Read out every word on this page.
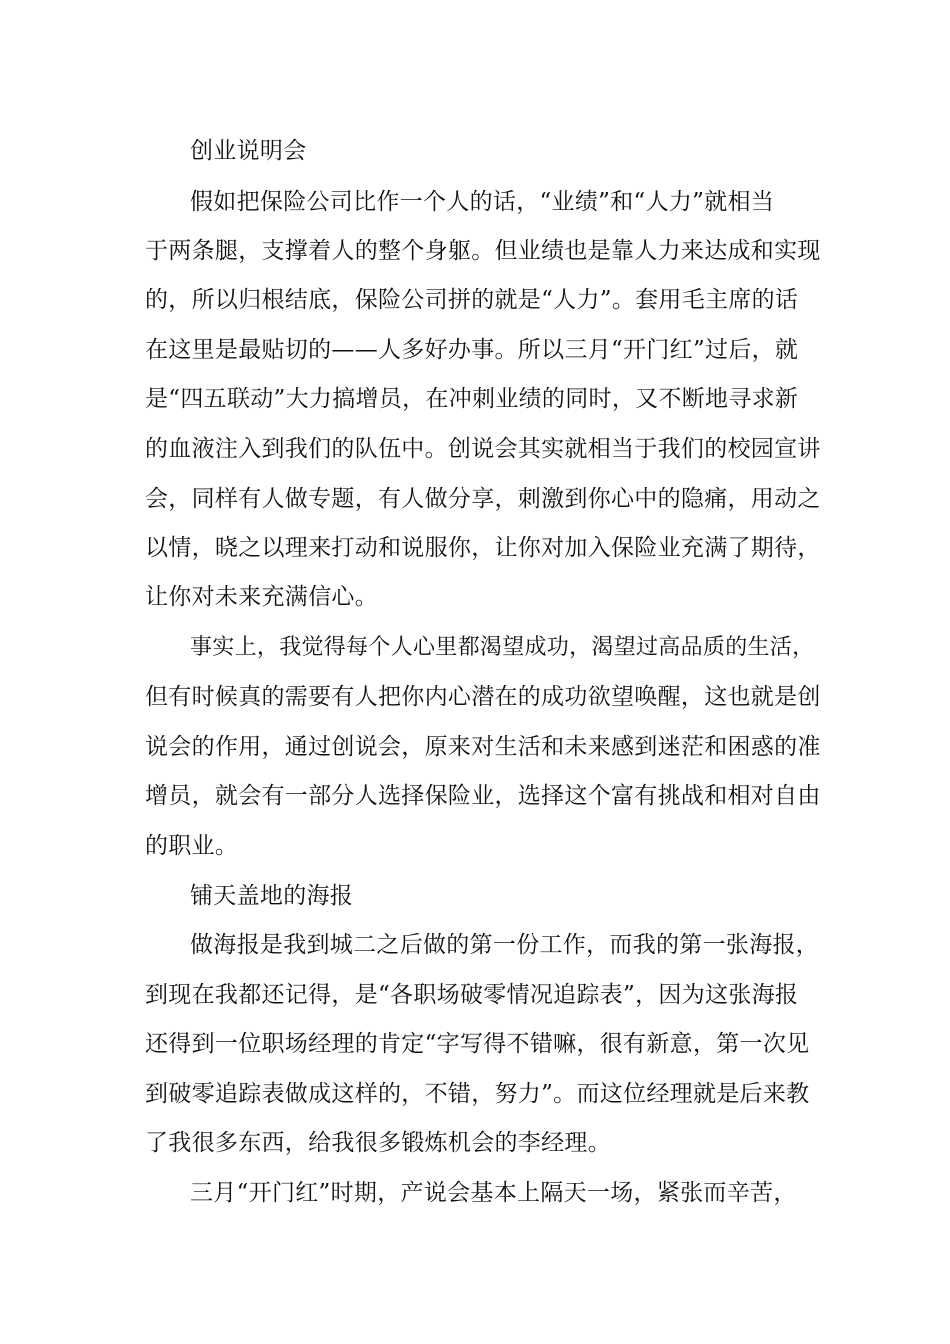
创业说明会

假如把保险公司比作一个人的话，“业绩”和“人力”就相当

于两条腿，支撑着人的整个身躯。但业绩也是靠人力来达成和实现

的，所以归根结底，保险公司拼的就是“人力”。套用毛主席的话

在这里是最贴切的——人多好办事。所以三月“开门红”过后，就

是“四五联动”大力搞增员，在冲刺业绩的同时，又不断地寻求新

的血液注入到我们的队伍中。创说会其实就相当于我们的校园宣讲

会，同样有人做专题，有人做分享，刺激到你心中的隐痛，用动之

以情，晓之以理来打动和说服你，让你对加入保险业充满了期待，

让你对未来充满信心。

事实上，我觉得每个人心里都渴望成功，渴望过高品质的生活，

但有时候真的需要有人把你内心潜在的成功欲望唤醒，这也就是创

说会的作用，通过创说会，原来对生活和未来感到迷茫和困惑的准

增员，就会有一部分人选择保险业，选择这个富有挑战和相对自由

的职业。

铺天盖地的海报

做海报是我到城二之后做的第一份工作，而我的第一张海报，

到现在我都还记得，是“各职场破零情况追踪表”，因为这张海报

还得到一位职场经理的肯定“字写得不错嘛，很有新意，第一次见

到破零追踪表做成这样的，不错，努力”。而这位经理就是后来教

了我很多东西，给我很多锻炼机会的李经理。

三月“开门红”时期，产说会基本上隔天一场，紧张而辛苦，
